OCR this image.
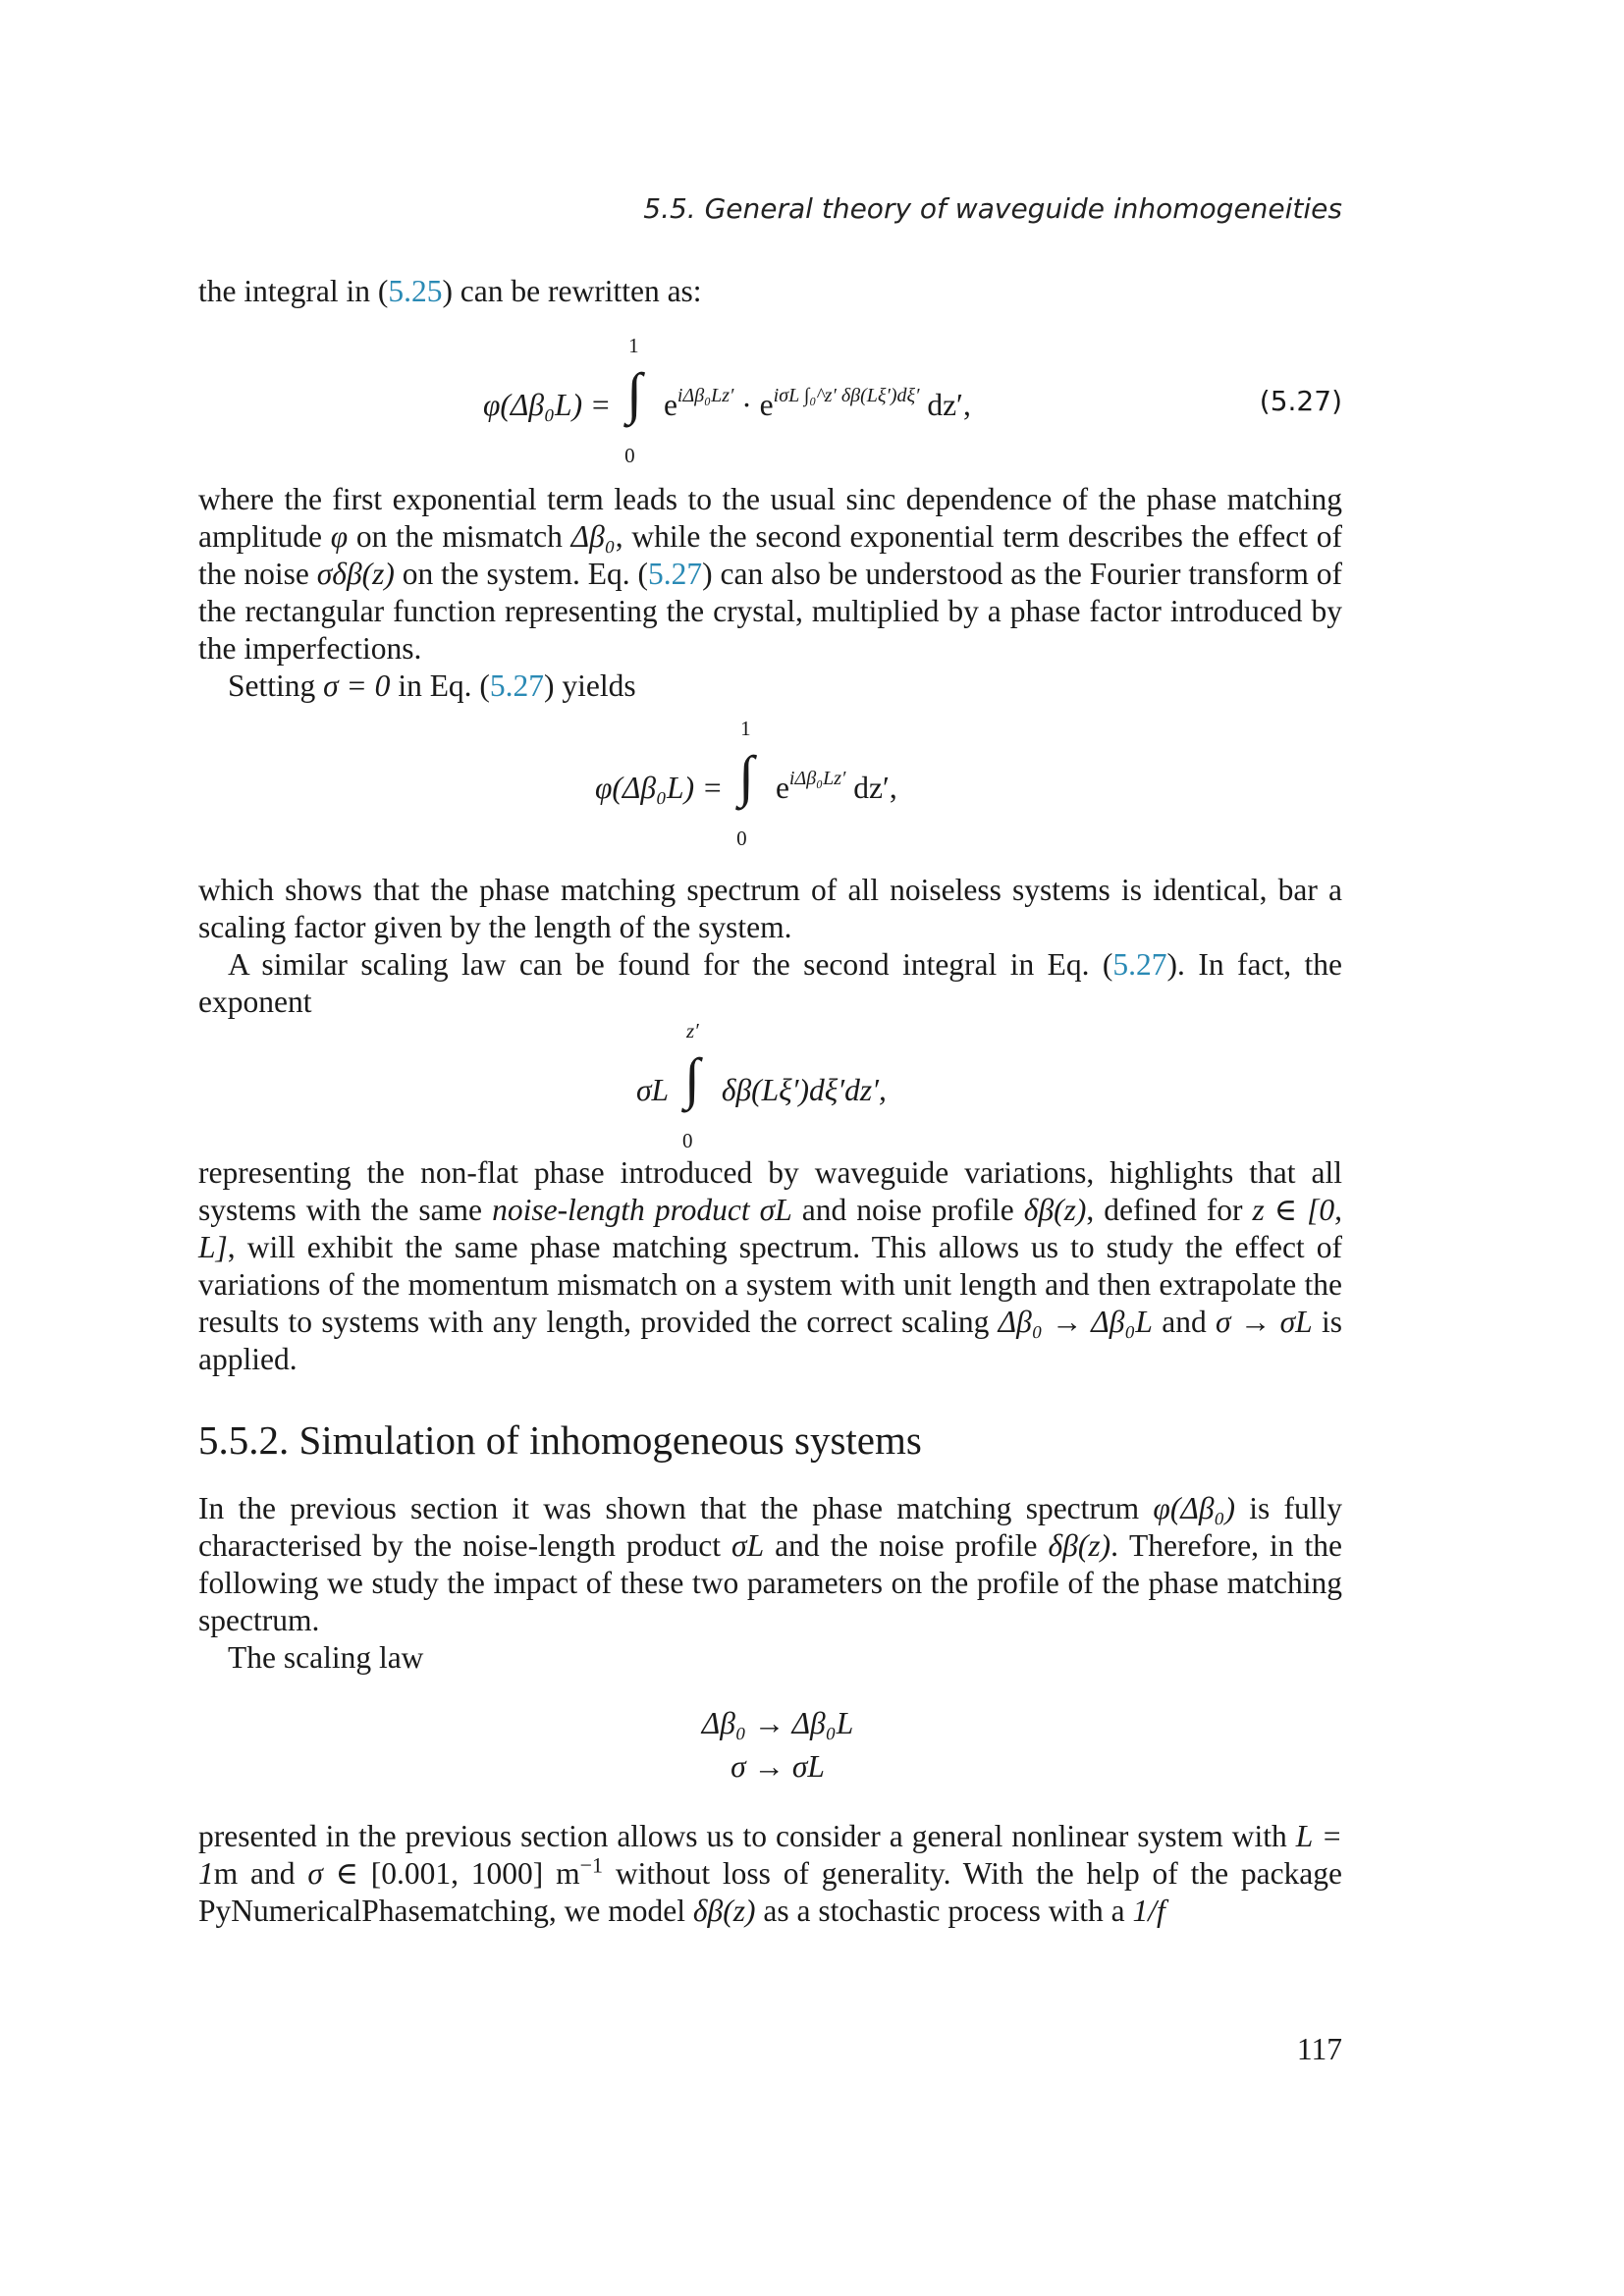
5.5. General theory of waveguide inhomogeneities

the integral in (5.25) can be rewritten as:

φ(Δβ₀L) =
1
∫
0
$e^{i\Delta\beta_0Lz'} \cdot e^{i\sigma L \int_0\^{}z' \delta\beta(L\xi')d\xi'}$ dz′,	(5.27)

where the first exponential term leads to the usual sinc dependence of the phase matching amplitude φ on the mismatch Δβ₀, while the second exponential term describes the effect of the noise σδβ(z) on the system. Eq. (5.27) can also be understood as the Fourier transform of the rectangular function representing the crystal, multiplied by a phase factor introduced by the imperfections.

Setting σ = 0 in Eq. (5.27) yields

φ(Δβ₀L) =
1
∫
0
$e^{i\Delta\beta_0Lz'}$ dz′,

which shows that the phase matching spectrum of all noiseless systems is identical, bar a scaling factor given by the length of the system.

A similar scaling law can be found for the second integral in Eq. (5.27). In fact, the exponent

σL
z′
∫
0
δβ(Lξ′)dξ′dz′,

representing the non-flat phase introduced by waveguide variations, highlights that all systems with the same noise-length product σL and noise profile δβ(z), defined for z ∈ [0, L], will exhibit the same phase matching spectrum. This allows us to study the effect of variations of the momentum mismatch on a system with unit length and then extrapolate the results to systems with any length, provided the correct scaling Δβ₀ → Δβ₀L and σ → σL is applied.

5.5.2. Simulation of inhomogeneous systems

In the previous section it was shown that the phase matching spectrum φ(Δβ₀) is fully characterised by the noise-length product σL and the noise profile δβ(z). Therefore, in the following we study the impact of these two parameters on the profile of the phase matching spectrum.

The scaling law

Δβ₀ → Δβ₀L
σ → σL

presented in the previous section allows us to consider a general nonlinear system with L = 1m and σ ∈ [0.001, 1000] $m^{-1}$ without loss of generality. With the help of the package PyNumericalPhasematching, we model δβ(z) as a stochastic process with a 1/f

117
